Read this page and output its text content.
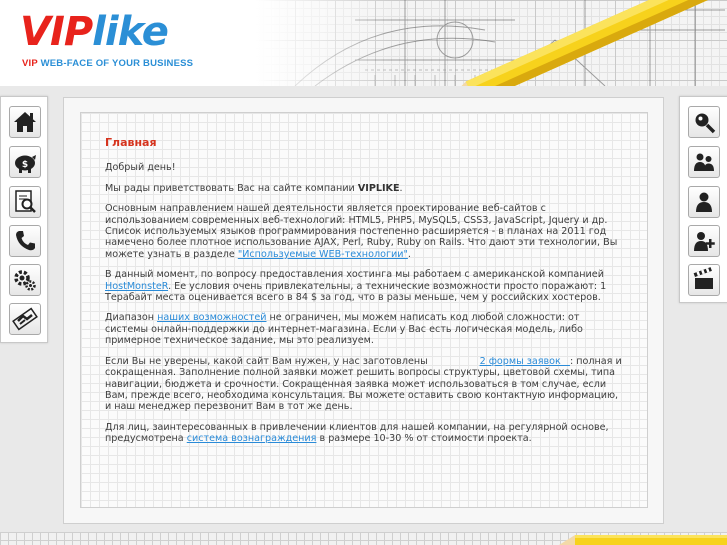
VIPlike
VIP WEB-FACE OF YOUR BUSINESS
$
Главная

Добрый день!

Мы рады приветствовать Вас на сайте компании VIPLIKE.

Основным направлением нашей деятельности является проектирование веб-сайтов с использованием современных веб-технологий: HTML5, PHP5, MySQL5, CSS3, JavaScript, Jquery и др. Список используемых языков программирования постепенно расширяется - в планах на 2011 год намечено более плотное использование AJAX, Perl, Ruby, Ruby on Rails. Что дают эти технологии, Вы можете узнать в разделе "Используемые WEB-технологии".

В данный момент, по вопросу предоставления хостинга мы работаем с американской компанией HostMonsteR. Ее условия очень привлекательны, а технические возможности просто поражают: 1 Терабайт места оценивается всего в 84 $ за год, что в разы меньше, чем у российских хостеров.

Диапазон наших возможностей не ограничен, мы можем написать код любой сложности: от системы онлайн-поддержки до интернет-магазина. Если у Вас есть логическая модель, либо примерное техническое задание, мы это реализуем.

Если Вы не уверены, какой сайт Вам нужен, у нас заготовлены                 2 формы заявок   : полная и сокращенная. Заполнение полной заявки может решить вопросы структуры, цветовой схемы, типа навигации, бюджета и срочности. Сокращенная заявка может использоваться в том случае, если Вам, прежде всего, необходима консультация. Вы можете оставить свою контактную информацию, и наш менеджер перезвонит Вам в тот же день.

Для лиц, заинтересованных в привлечении клиентов для нашей компании, на регулярной основе, предусмотрена система вознаграждения в размере 10-30 % от стоимости проекта.
